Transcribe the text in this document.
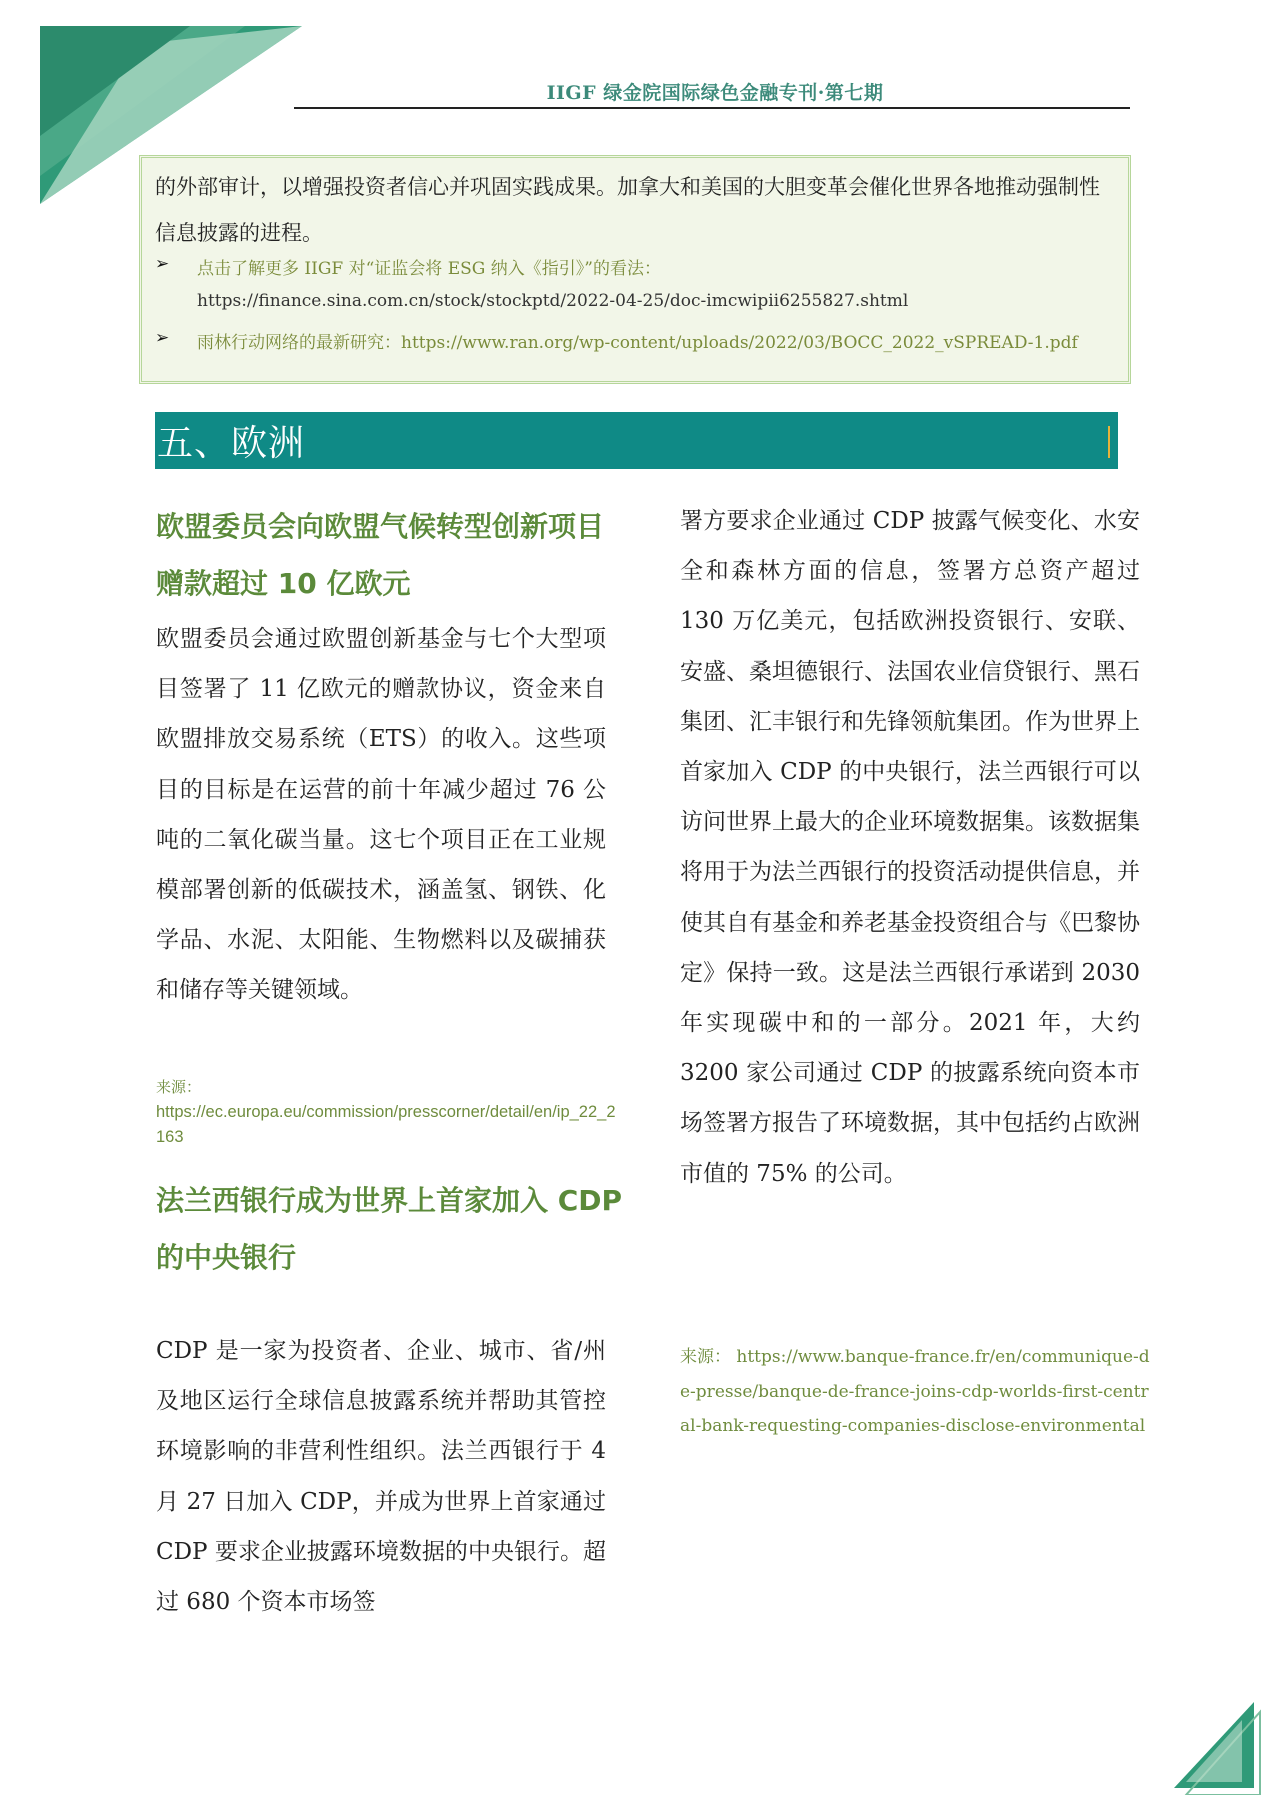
IIGF 绿金院国际绿色金融专刊·第七期
的外部审计，以增强投资者信心并巩固实践成果。加拿大和美国的大胆变革会催化世界各地推动强制性信息披露的进程。
➢ 点击了解更多 IIGF 对“证监会将 ESG 纳入《指引》”的看法：
https://finance.sina.com.cn/stock/stockptd/2022-04-25/doc-imcwipii6255827.shtml
➢ 雨林行动网络的最新研究：https://www.ran.org/wp-content/uploads/2022/03/BOCC_2022_vSPREAD-1.pdf
五、欧洲
欧盟委员会向欧盟气候转型创新项目赠款超过 10 亿欧元
欧盟委员会通过欧盟创新基金与七个大型项目签署了 11 亿欧元的赠款协议，资金来自欧盟排放交易系统（ETS）的收入。这些项目的目标是在运营的前十年减少超过 76 公吨的二氧化碳当量。这七个项目正在工业规模部署创新的低碳技术，涵盖氢、钢铁、化学品、水泥、太阳能、生物燃料以及碳捕获和储存等关键领域。
来源：
https://ec.europa.eu/commission/presscorner/detail/en/ip_22_2163
法兰西银行成为世界上首家加入 CDP 的中央银行
CDP 是一家为投资者、企业、城市、省/州及地区运行全球信息披露系统并帮助其管控环境影响的非营利性组织。法兰西银行于 4 月 27 日加入 CDP，并成为世界上首家通过 CDP 要求企业披露环境数据的中央银行。超过 680 个资本市场签
署方要求企业通过 CDP 披露气候变化、水安全和森林方面的信息，签署方总资产超过 130 万亿美元，包括欧洲投资银行、安联、安盛、桑坦德银行、法国农业信贷银行、黑石集团、汇丰银行和先锋领航集团。作为世界上首家加入 CDP 的中央银行，法兰西银行可以访问世界上最大的企业环境数据集。该数据集将用于为法兰西银行的投资活动提供信息，并使其自有基金和养老基金投资组合与《巴黎协定》保持一致。这是法兰西银行承诺到 2030 年实现碳中和的一部分。2021 年，大约 3200 家公司通过 CDP 的披露系统向资本市场签署方报告了环境数据，其中包括约占欧洲市值的 75% 的公司。
来源： https://www.banque-france.fr/en/communique-de-presse/banque-de-france-joins-cdp-worlds-first-central-bank-requesting-companies-disclose-environmental
